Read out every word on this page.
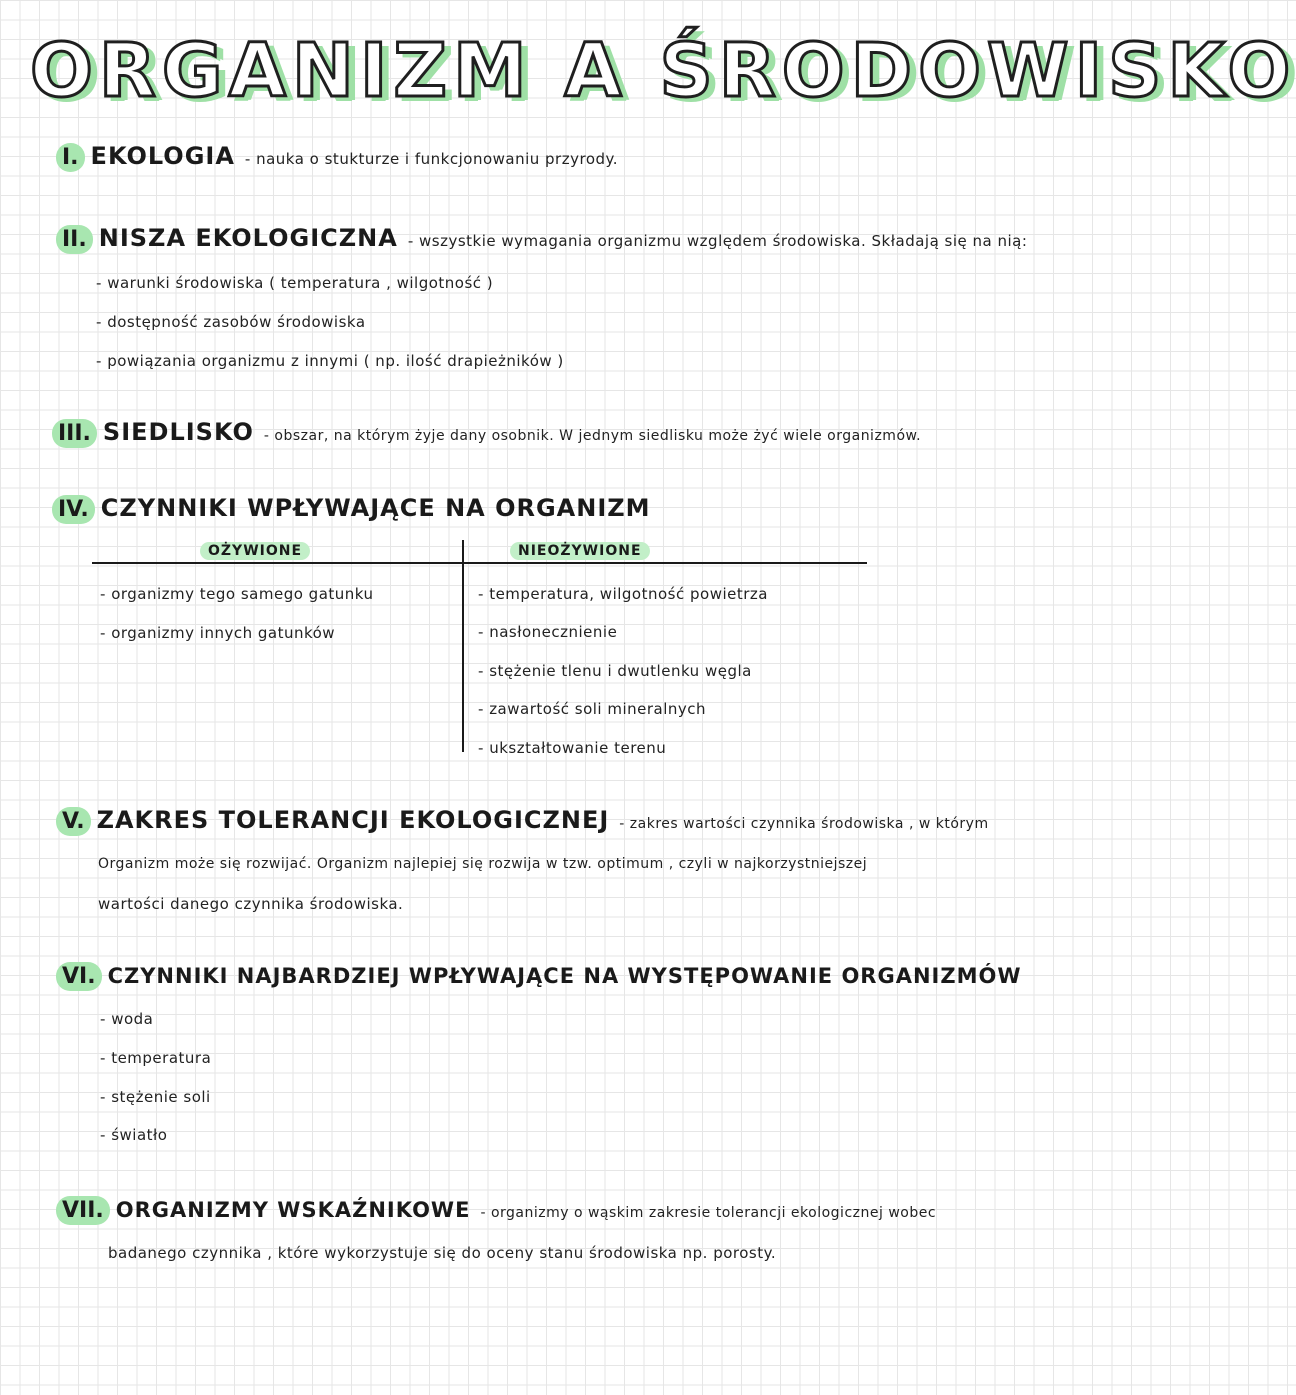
ORGANIZM A ŚRODOWISKO
I. EKOLOGIA - nauka o stukturze i funkcjonowaniu przyrody.
II. NISZA EKOLOGICZNA - wszystkie wymagania organizmu względem środowiska. Składają się na nią:
- warunki środowiska ( temperatura , wilgotność )
- dostępność zasobów środowiska
- powiązania organizmu z innymi ( np. ilość drapieżników )
III. SIEDLISKO - obszar, na którym żyje dany osobnik. W jednym siedlisku może żyć wiele organizmów.
IV. CZYNNIKI WPŁYWAJĄCE NA ORGANIZM
OŻYWIONE	NIEOŻYWIONE
- organizmy tego samego gatunku
- organizmy innych gatunków
- temperatura, wilgotność powietrza
- nasłonecznienie
- stężenie tlenu i dwutlenku węgla
- zawartość soli mineralnych
- ukształtowanie terenu
V. ZAKRES TOLERANCJI EKOLOGICZNEJ - zakres wartości czynnika środowiska , w którym
Organizm może się rozwijać. Organizm najlepiej się rozwija w tzw. optimum , czyli w najkorzystniejszej
wartości danego czynnika środowiska.
VI. CZYNNIKI NAJBARDZIEJ WPŁYWAJĄCE NA WYSTĘPOWANIE ORGANIZMÓW
- woda
- temperatura
- stężenie soli
- światło
VII. ORGANIZMY WSKAŹNIKOWE - organizmy o wąskim zakresie tolerancji ekologicznej wobec
badanego czynnika , które wykorzystuje się do oceny stanu środowiska np. porosty.
